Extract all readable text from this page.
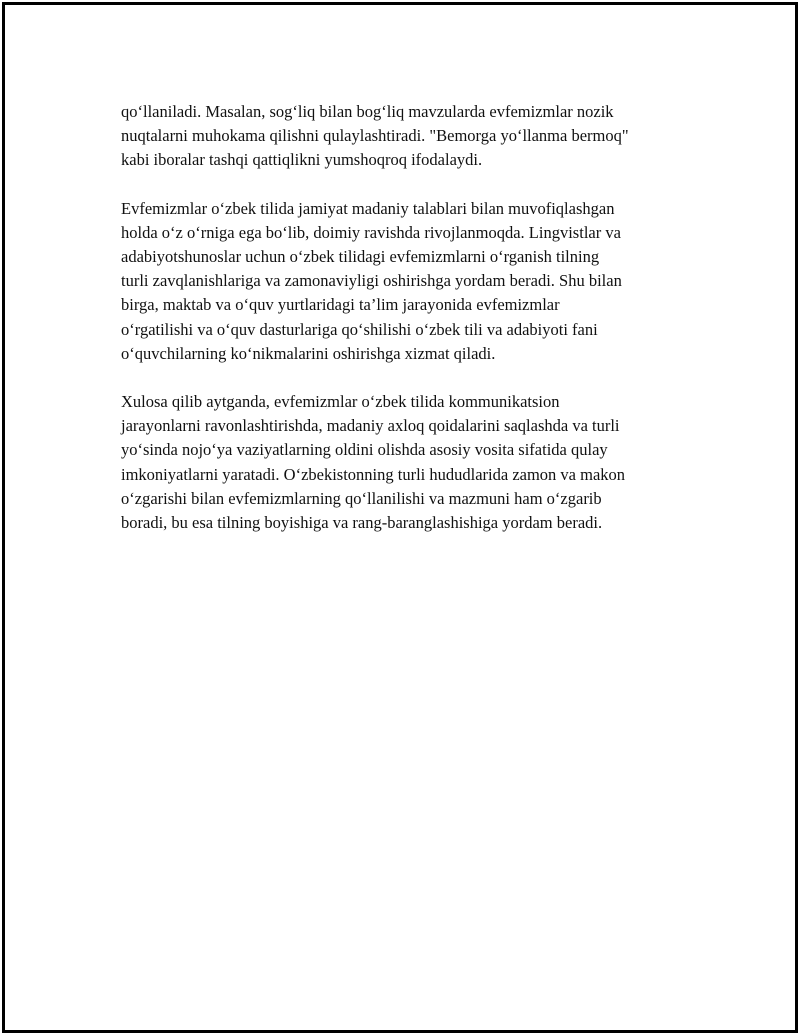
qo‘llaniladi. Masalan, sog‘liq bilan bog‘liq mavzularda evfemizmlar nozik
nuqtalarni muhokama qilishni qulaylashtiradi. "Bemorga yo‘llanma bermoq"
kabi iboralar tashqi qattiqlikni yumshoqroq ifodalaydi.

Evfemizmlar o‘zbek tilida jamiyat madaniy talablari bilan muvofiqlashgan
holda o‘z o‘rniga ega bo‘lib, doimiy ravishda rivojlanmoqda. Lingvistlar va
adabiyotshunoslar uchun o‘zbek tilidagi evfemizmlarni o‘rganish tilning
turli zavqlanishlariga va zamonaviyligi oshirishga yordam beradi. Shu bilan
birga, maktab va o‘quv yurtlaridagi ta’lim jarayonida evfemizmlar
o‘rgatilishi va o‘quv dasturlariga qo‘shilishi o‘zbek tili va adabiyoti fani
o‘quvchilarning ko‘nikmalarini oshirishga xizmat qiladi.

Xulosa qilib aytganda, evfemizmlar o‘zbek tilida kommunikatsion
jarayonlarni ravonlashtirishda, madaniy axloq qoidalarini saqlashda va turli
yo‘sinda nojo‘ya vaziyatlarning oldini olishda asosiy vosita sifatida qulay
imkoniyatlarni yaratadi. O‘zbekistonning turli hududlarida zamon va makon
o‘zgarishi bilan evfemizmlarning qo‘llanilishi va mazmuni ham o‘zgarib
boradi, bu esa tilning boyishiga va rang-baranglashishiga yordam beradi.
